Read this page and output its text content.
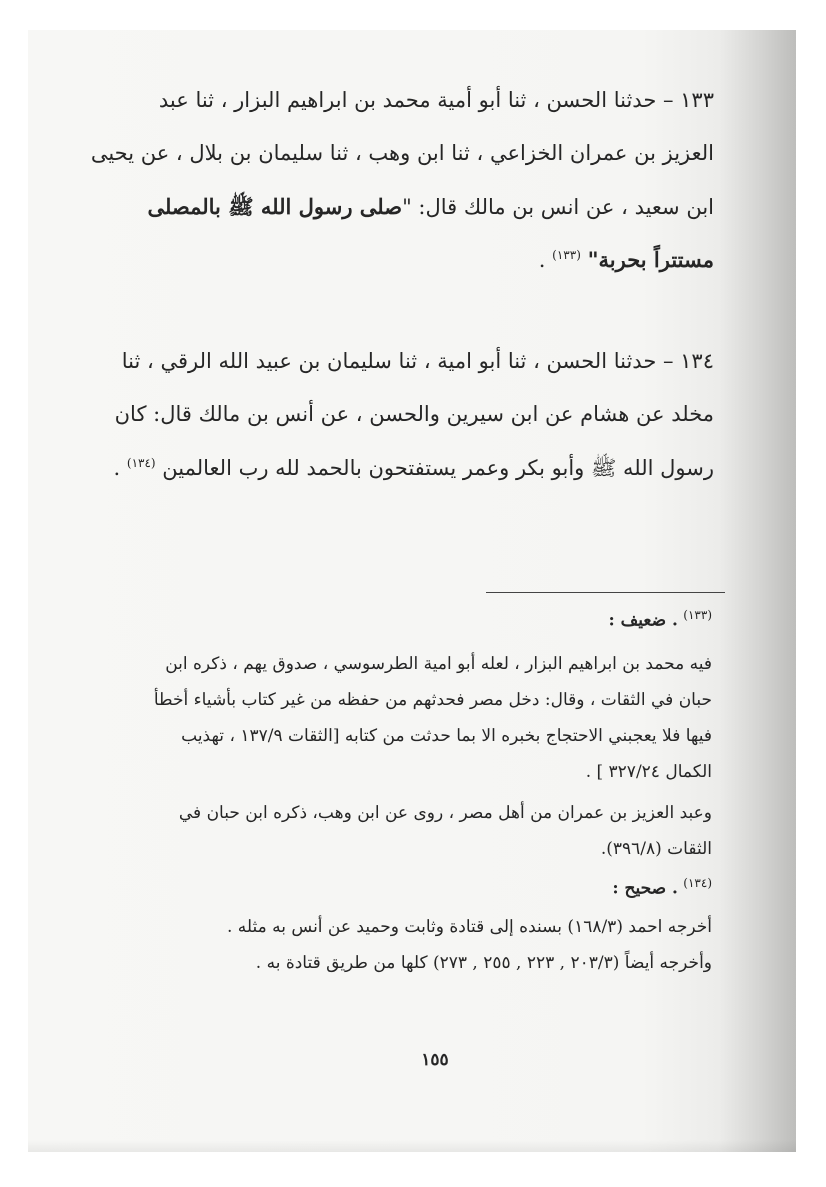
١٣٣ – حدثنا الحسن ، ثنا أبو أمية محمد بن ابراهيم البزار ، ثنا عبد
العزيز بن عمران الخزاعي ، ثنا ابن وهب ، ثنا سليمان بن بلال ، عن يحيى
ابن سعيد ، عن انس بن مالك قال: "صلى رسول الله ﷺ بالمصلى
مستتراً بحربة" $^{(١٣٣)}$ .
١٣٤ – حدثنا الحسن ، ثنا أبو امية ، ثنا سليمان بن عبيد الله الرقي ، ثنا
مخلد عن هشام عن ابن سيرين والحسن ، عن أنس بن مالك قال: كان
رسول الله ﷺ وأبو بكر وعمر يستفتحون بالحمد لله رب العالمين $^{(١٣٤)}$ .
$^{(١٣٣)}$ . ضعيف :
فيه محمد بن ابراهيم البزار ، لعله أبو امية الطرسوسي ، صدوق يهم ، ذكره ابن
حبان في الثقات ، وقال: دخل مصر فحدثهم من حفظه من غير كتاب بأشياء أخطأ
فيها فلا يعجبني الاحتجاج بخبره الا بما حدثت من كتابه [الثقات ١٣٧/٩ ، تهذيب
الكمال ٣٢٧/٢٤ ] .
وعبد العزيز بن عمران من أهل مصر ، روى عن ابن وهب، ذكره ابن حبان في
الثقات (٣٩٦/٨).
$^{(١٣٤)}$ . صحيح :
أخرجه احمد (١٦٨/٣) بسنده إلى قتادة وثابت وحميد عن أنس به مثله .
وأخرجه أيضاً (٢٠٣/٣ , ٢٢٣ , ٢٥٥ , ٢٧٣) كلها من طريق قتادة به .
١٥٥
